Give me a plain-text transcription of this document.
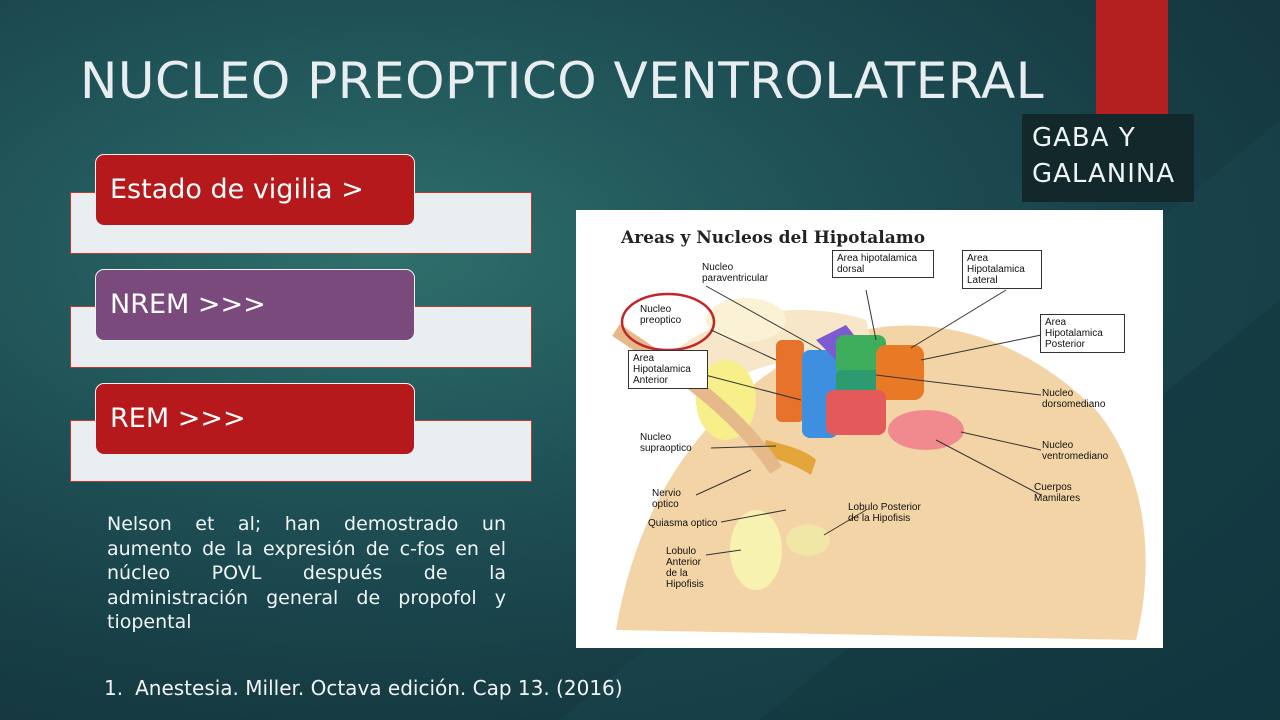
NUCLEO PREOPTICO VENTROLATERAL
GABA Y GALANINA
Estado de vigilia >
NREM >>>
REM >>>
Nelson et al; han demostrado un aumento de la expresión de c-fos en el núcleo POVL después de la administración general de propofol y tiopental
1. Anestesia. Miller. Octava edición. Cap 13. (2016)
Areas y Nucleos del Hipotalamo
Nucleo paraventricular
Area hipotalamica dorsal
Area Hipotalamica Lateral
Nucleo preoptico
Area Hipotalamica Anterior
Area Hipotalamica Posterior
Nucleo dorsomediano
Nucleo supraoptico	Nucleo ventromediano
Nervio optico
Quiasma optico
Cuerpos Mamilares
Lobulo Posterior de la Hipofisis
Lobulo Anterior de la Hipofisis
